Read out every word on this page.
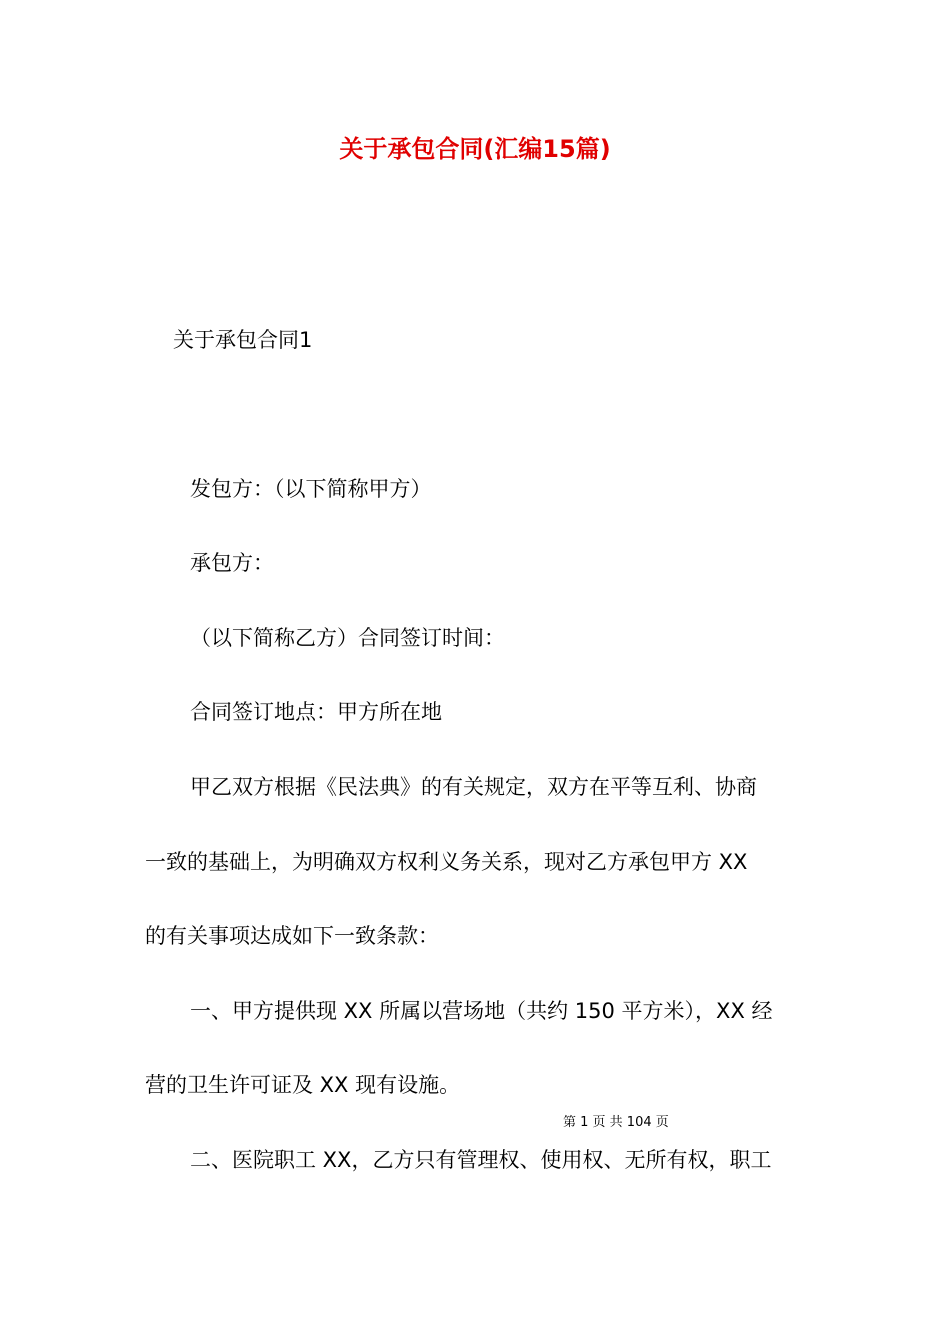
关于承包合同(汇编15篇)
关于承包合同1
发包方：（以下简称甲方）
承包方：
（以下简称乙方）合同签订时间：
合同签订地点：甲方所在地
甲乙双方根据《民法典》的有关规定，双方在平等互利、协商
一致的基础上，为明确双方权利义务关系，现对乙方承包甲方 XX
的有关事项达成如下一致条款：
一、甲方提供现 XX 所属以营场地（共约 150 平方米），XX 经
营的卫生许可证及 XX 现有设施。
第 1 页 共 104 页
二、医院职工 XX，乙方只有管理权、使用权、无所有权，职工
